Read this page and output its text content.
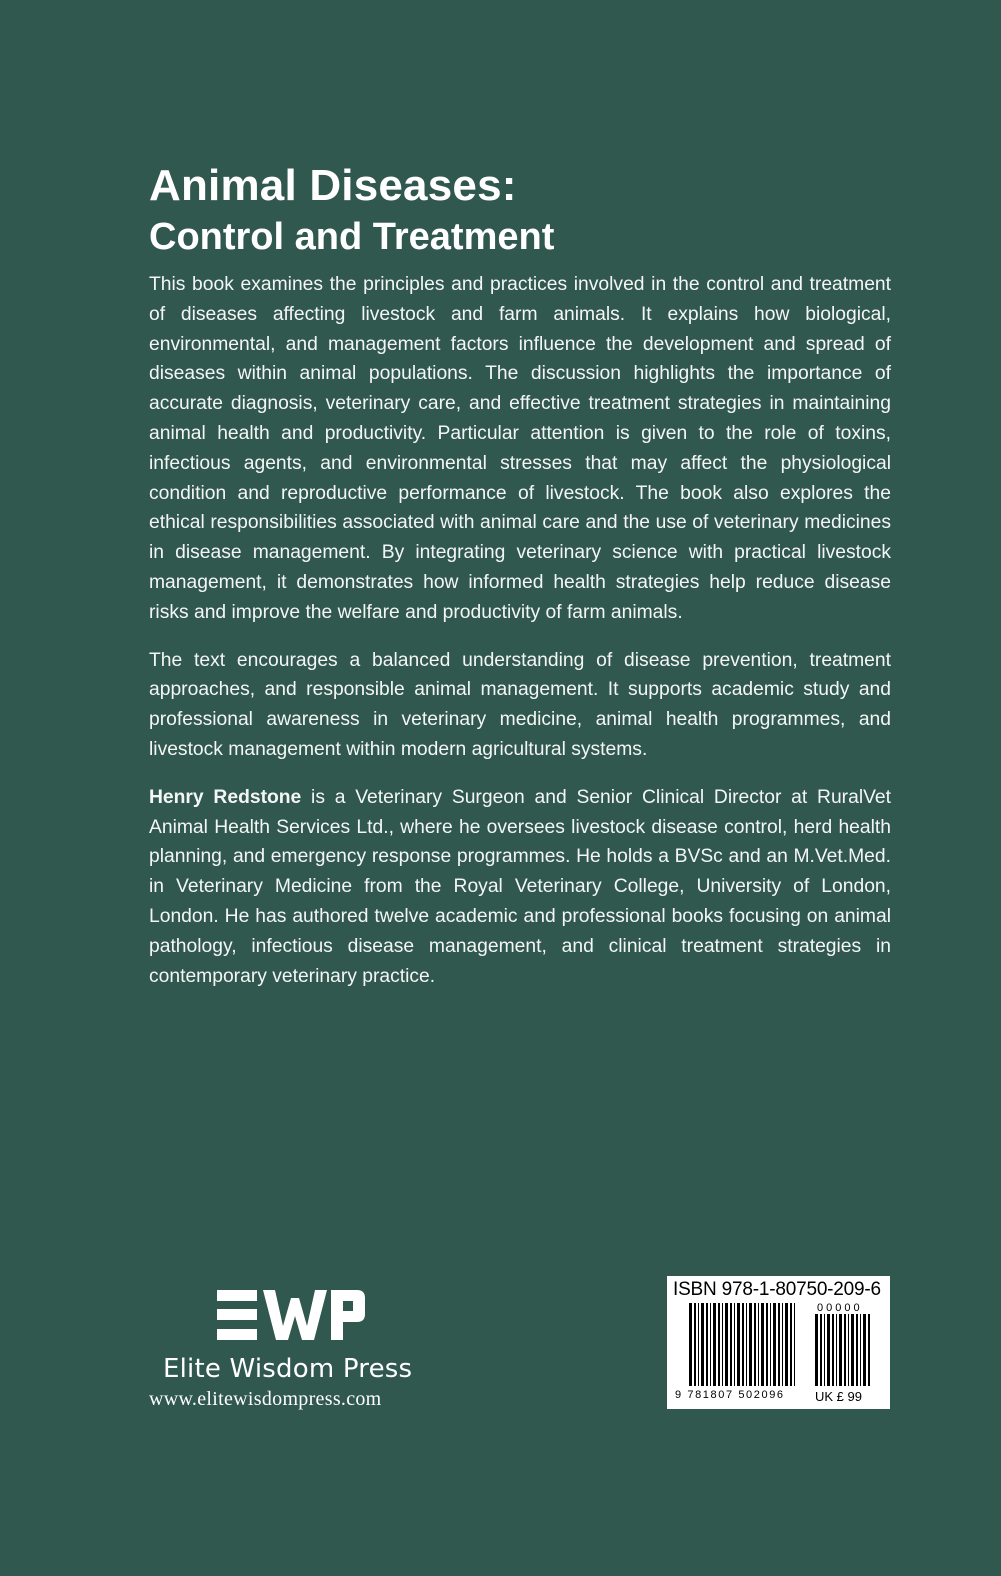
Animal Diseases:
Control and Treatment

This book examines the principles and practices involved in the control and treatment of diseases affecting livestock and farm animals. It explains how biological, environmental, and management factors influence the development and spread of diseases within animal populations. The discussion highlights the importance of accurate diagnosis, veterinary care, and effective treatment strategies in maintaining animal health and productivity. Particular attention is given to the role of toxins, infectious agents, and environmental stresses that may affect the physiological condition and reproductive performance of livestock. The book also explores the ethical responsibilities associated with animal care and the use of veterinary medicines in disease management. By integrating veterinary science with practical livestock management, it demonstrates how informed health strategies help reduce disease risks and improve the welfare and productivity of farm animals.

The text encourages a balanced understanding of disease prevention, treatment approaches, and responsible animal management. It supports academic study and professional awareness in veterinary medicine, animal health programmes, and livestock management within modern agricultural systems.

Henry Redstone is a Veterinary Surgeon and Senior Clinical Director at RuralVet Animal Health Services Ltd., where he oversees livestock disease control, herd health planning, and emergency response programmes. He holds a BVSc and an M.Vet.Med. in Veterinary Medicine from the Royal Veterinary College, University of London, London. He has authored twelve academic and professional books focusing on animal pathology, infectious disease management, and clinical treatment strategies in contemporary veterinary practice.

Elite Wisdom Press
www.elitewisdompress.com
ISBN 978-1-80750-209-6
00000
9 781807 502096 UK £ 99
